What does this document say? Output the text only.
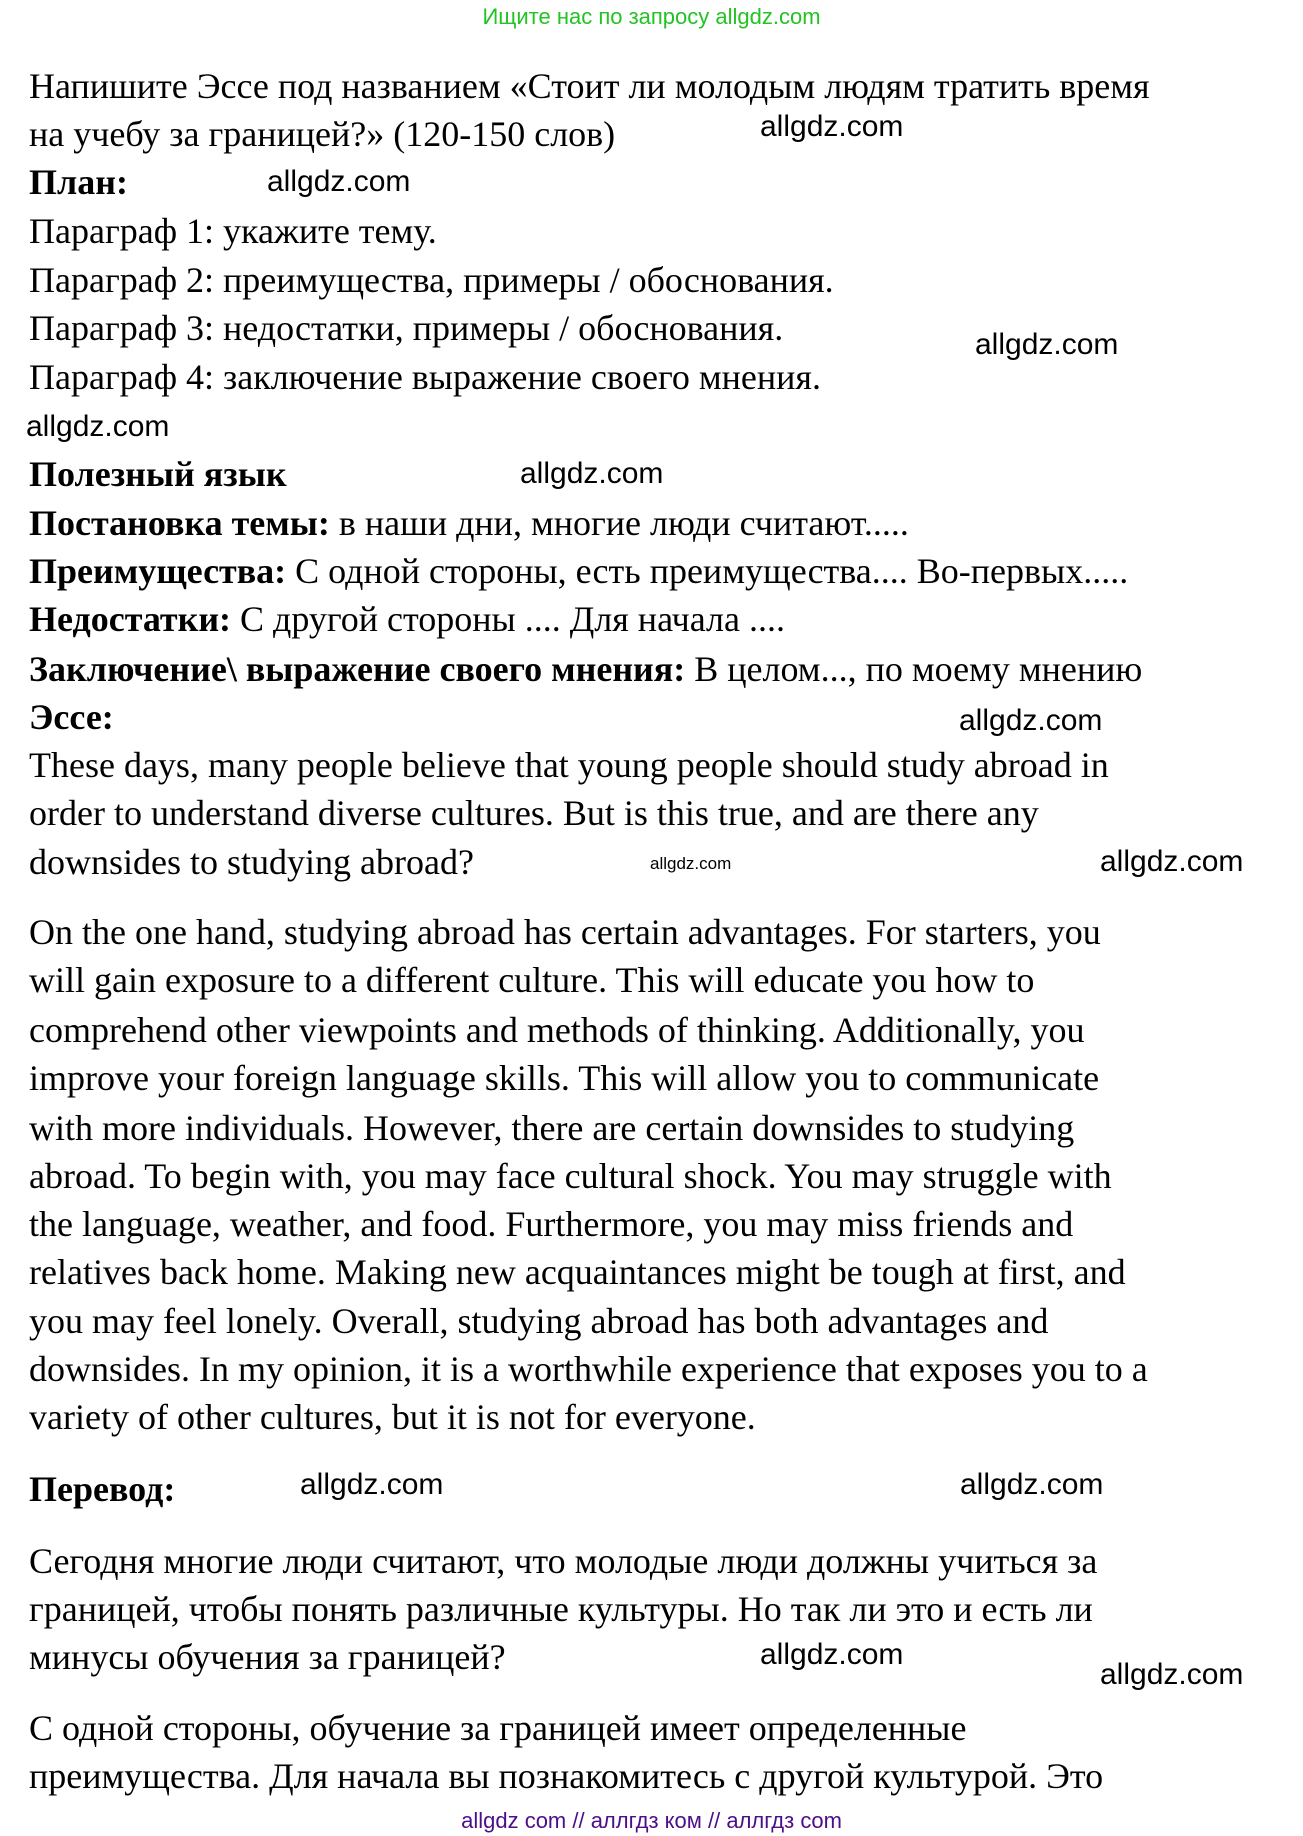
Ищите нас по запросу allgdz.com
Напишите Эссе под названием «Стоит ли молодым людям тратить время
на учебу за границей?» (120-150 слов)
План:
Параграф 1: укажите тему.
Параграф 2: преимущества, примеры / обоснования.
Параграф 3: недостатки, примеры / обоснования.
Параграф 4: заключение выражение своего мнения.
Полезный язык
Постановка темы: в наши дни, многие люди считают.....
Преимущества: С одной стороны, есть преимущества.... Во-первых.....
Недостатки: С другой стороны .... Для начала ....
Заключение\ выражение своего мнения: В целом..., по моему мнению
Эссе:
These days, many people believe that young people should study abroad in
order to understand diverse cultures. But is this true, and are there any
downsides to studying abroad?
On the one hand, studying abroad has certain advantages. For starters, you
will gain exposure to a different culture. This will educate you how to
comprehend other viewpoints and methods of thinking. Additionally, you
improve your foreign language skills. This will allow you to communicate
with more individuals. However, there are certain downsides to studying
abroad. To begin with, you may face cultural shock. You may struggle with
the language, weather, and food. Furthermore, you may miss friends and
relatives back home. Making new acquaintances might be tough at first, and
you may feel lonely. Overall, studying abroad has both advantages and
downsides. In my opinion, it is a worthwhile experience that exposes you to a
variety of other cultures, but it is not for everyone.
Перевод:
Сегодня многие люди считают, что молодые люди должны учиться за
границей, чтобы понять различные культуры. Но так ли это и есть ли
минусы обучения за границей?
С одной стороны, обучение за границей имеет определенные
преимущества. Для начала вы познакомитесь с другой культурой. Это
allgdz.com
allgdz.com
allgdz.com
allgdz.com
allgdz.com
allgdz.com
allgdz.com
allgdz.com
allgdz.com
allgdz.com
allgdz.com
allgdz.com
allgdz com // аллгдз ком // аллгдз com
